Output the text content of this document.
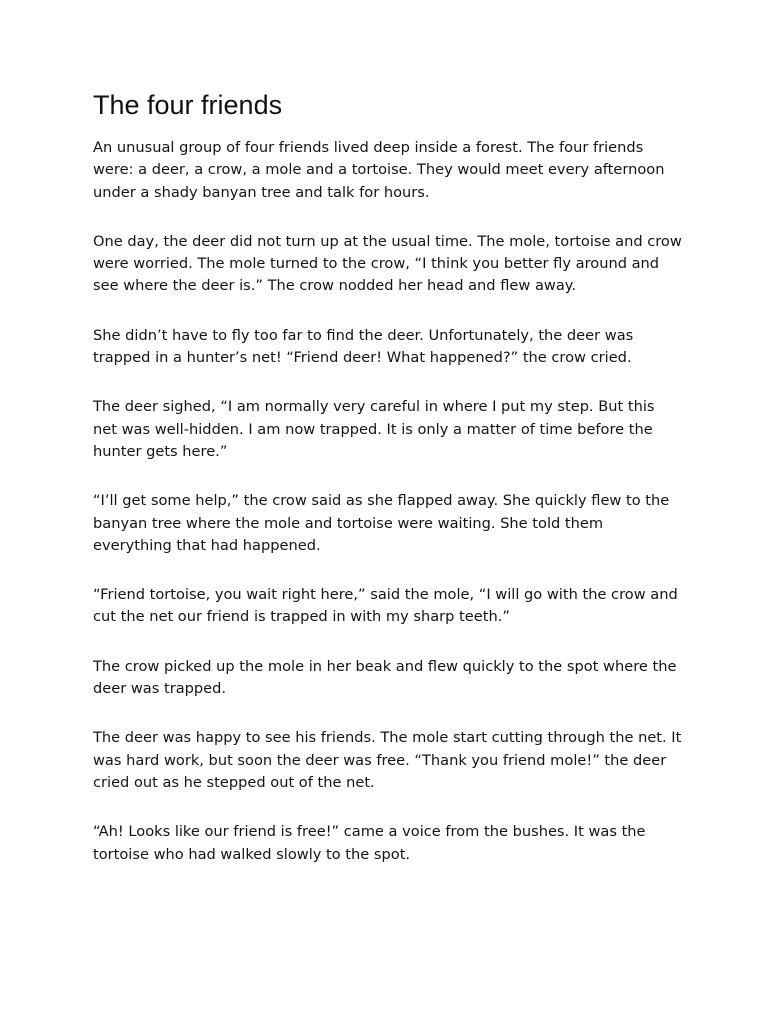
The four friends

An unusual group of four friends lived deep inside a forest. The four friends were: a deer, a crow, a mole and a tortoise. They would meet every afternoon under a shady banyan tree and talk for hours.

One day, the deer did not turn up at the usual time. The mole, tortoise and crow were worried. The mole turned to the crow, “I think you better fly around and see where the deer is.” The crow nodded her head and flew away.

She didn’t have to fly too far to find the deer. Unfortunately, the deer was trapped in a hunter’s net! “Friend deer! What happened?” the crow cried.

The deer sighed, “I am normally very careful in where I put my step. But this net was well-hidden. I am now trapped. It is only a matter of time before the hunter gets here.”

“I’ll get some help,” the crow said as she flapped away. She quickly flew to the banyan tree where the mole and tortoise were waiting. She told them everything that had happened.

“Friend tortoise, you wait right here,” said the mole, “I will go with the crow and cut the net our friend is trapped in with my sharp teeth.”

The crow picked up the mole in her beak and flew quickly to the spot where the deer was trapped.

The deer was happy to see his friends. The mole start cutting through the net. It was hard work, but soon the deer was free. “Thank you friend mole!” the deer cried out as he stepped out of the net.

“Ah! Looks like our friend is free!” came a voice from the bushes. It was the tortoise who had walked slowly to the spot.
